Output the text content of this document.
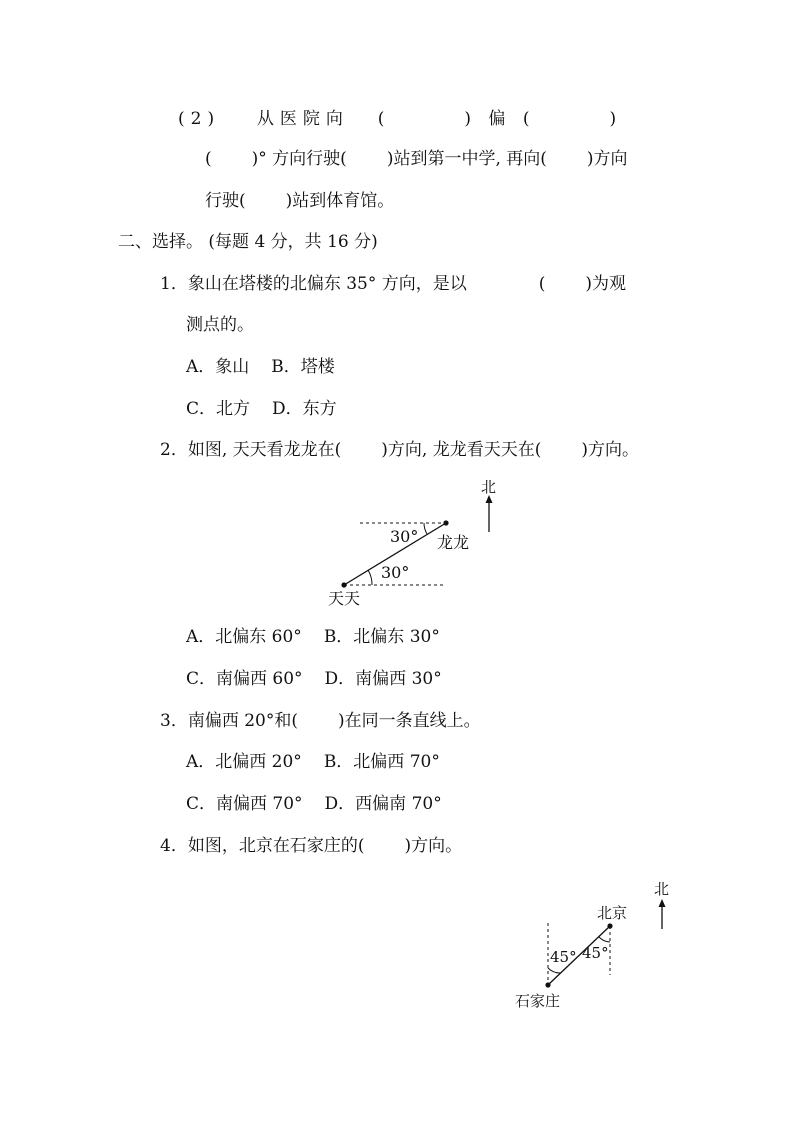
(2) 从医院向 (	) 偏 (	)
( )° 方向行驶( )站到第一中学, 再向( )方向
行驶( )站到体育馆。
二、选择。 (每题 4 分，共 16 分)
1．象山在塔楼的北偏东 35° 方向，是以	( )为观
测点的。
A．象山 B．塔楼
C．北方 D．东方
2．如图, 天天看龙龙在( )方向, 龙龙看天天在( )方向。
北
30°
30°
龙龙
天天
北
45° 45°
北京
石家庄
A．北偏东 60° B．北偏东 30°
C．南偏西 60° D．南偏西 30°
3．南偏西 20°和( )在同一条直线上。
A．北偏西 20° B．北偏西 70°
C．南偏西 70° D．西偏南 70°
4．如图，北京在石家庄的( )方向。
